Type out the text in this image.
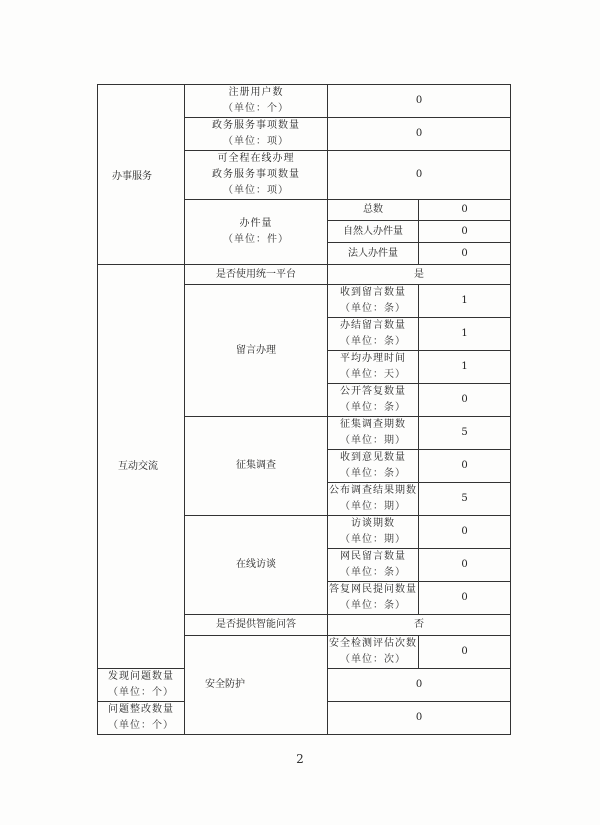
办事服务	注册用户数
（单位：个）	0	

	政务服务事项数量
（单位：项）	0	

	可全程在线办理
政务服务事项数量
（单位：项）	0	

	办件量
（单位：件）	总数	0
		自然人办件量	0
		法人办件量	0
互动交流	是否使用统一平台	是	
	留言办理	收到留言数量
（单位：条）	1

		办结留言数量
（单位：条）	1

		平均办理时间
（单位：天）	1

		公开答复数量
（单位：条）	0
	征集调查	征集调查期数
（单位：期）	5

		收到意见数量
（单位：条）	0

		公布调查结果期数
（单位：期）	5
	在线访谈	访谈期数
（单位：期）	0

		网民留言数量
（单位：条）	0

		答复网民提问数量
（单位：条）	0
	是否提供智能问答	否	
	安全防护	安全检测评估次数
（单位：次）	0

发现问题数量
（单位：个）		0	

问题整改数量
（单位：个）		0	
2
